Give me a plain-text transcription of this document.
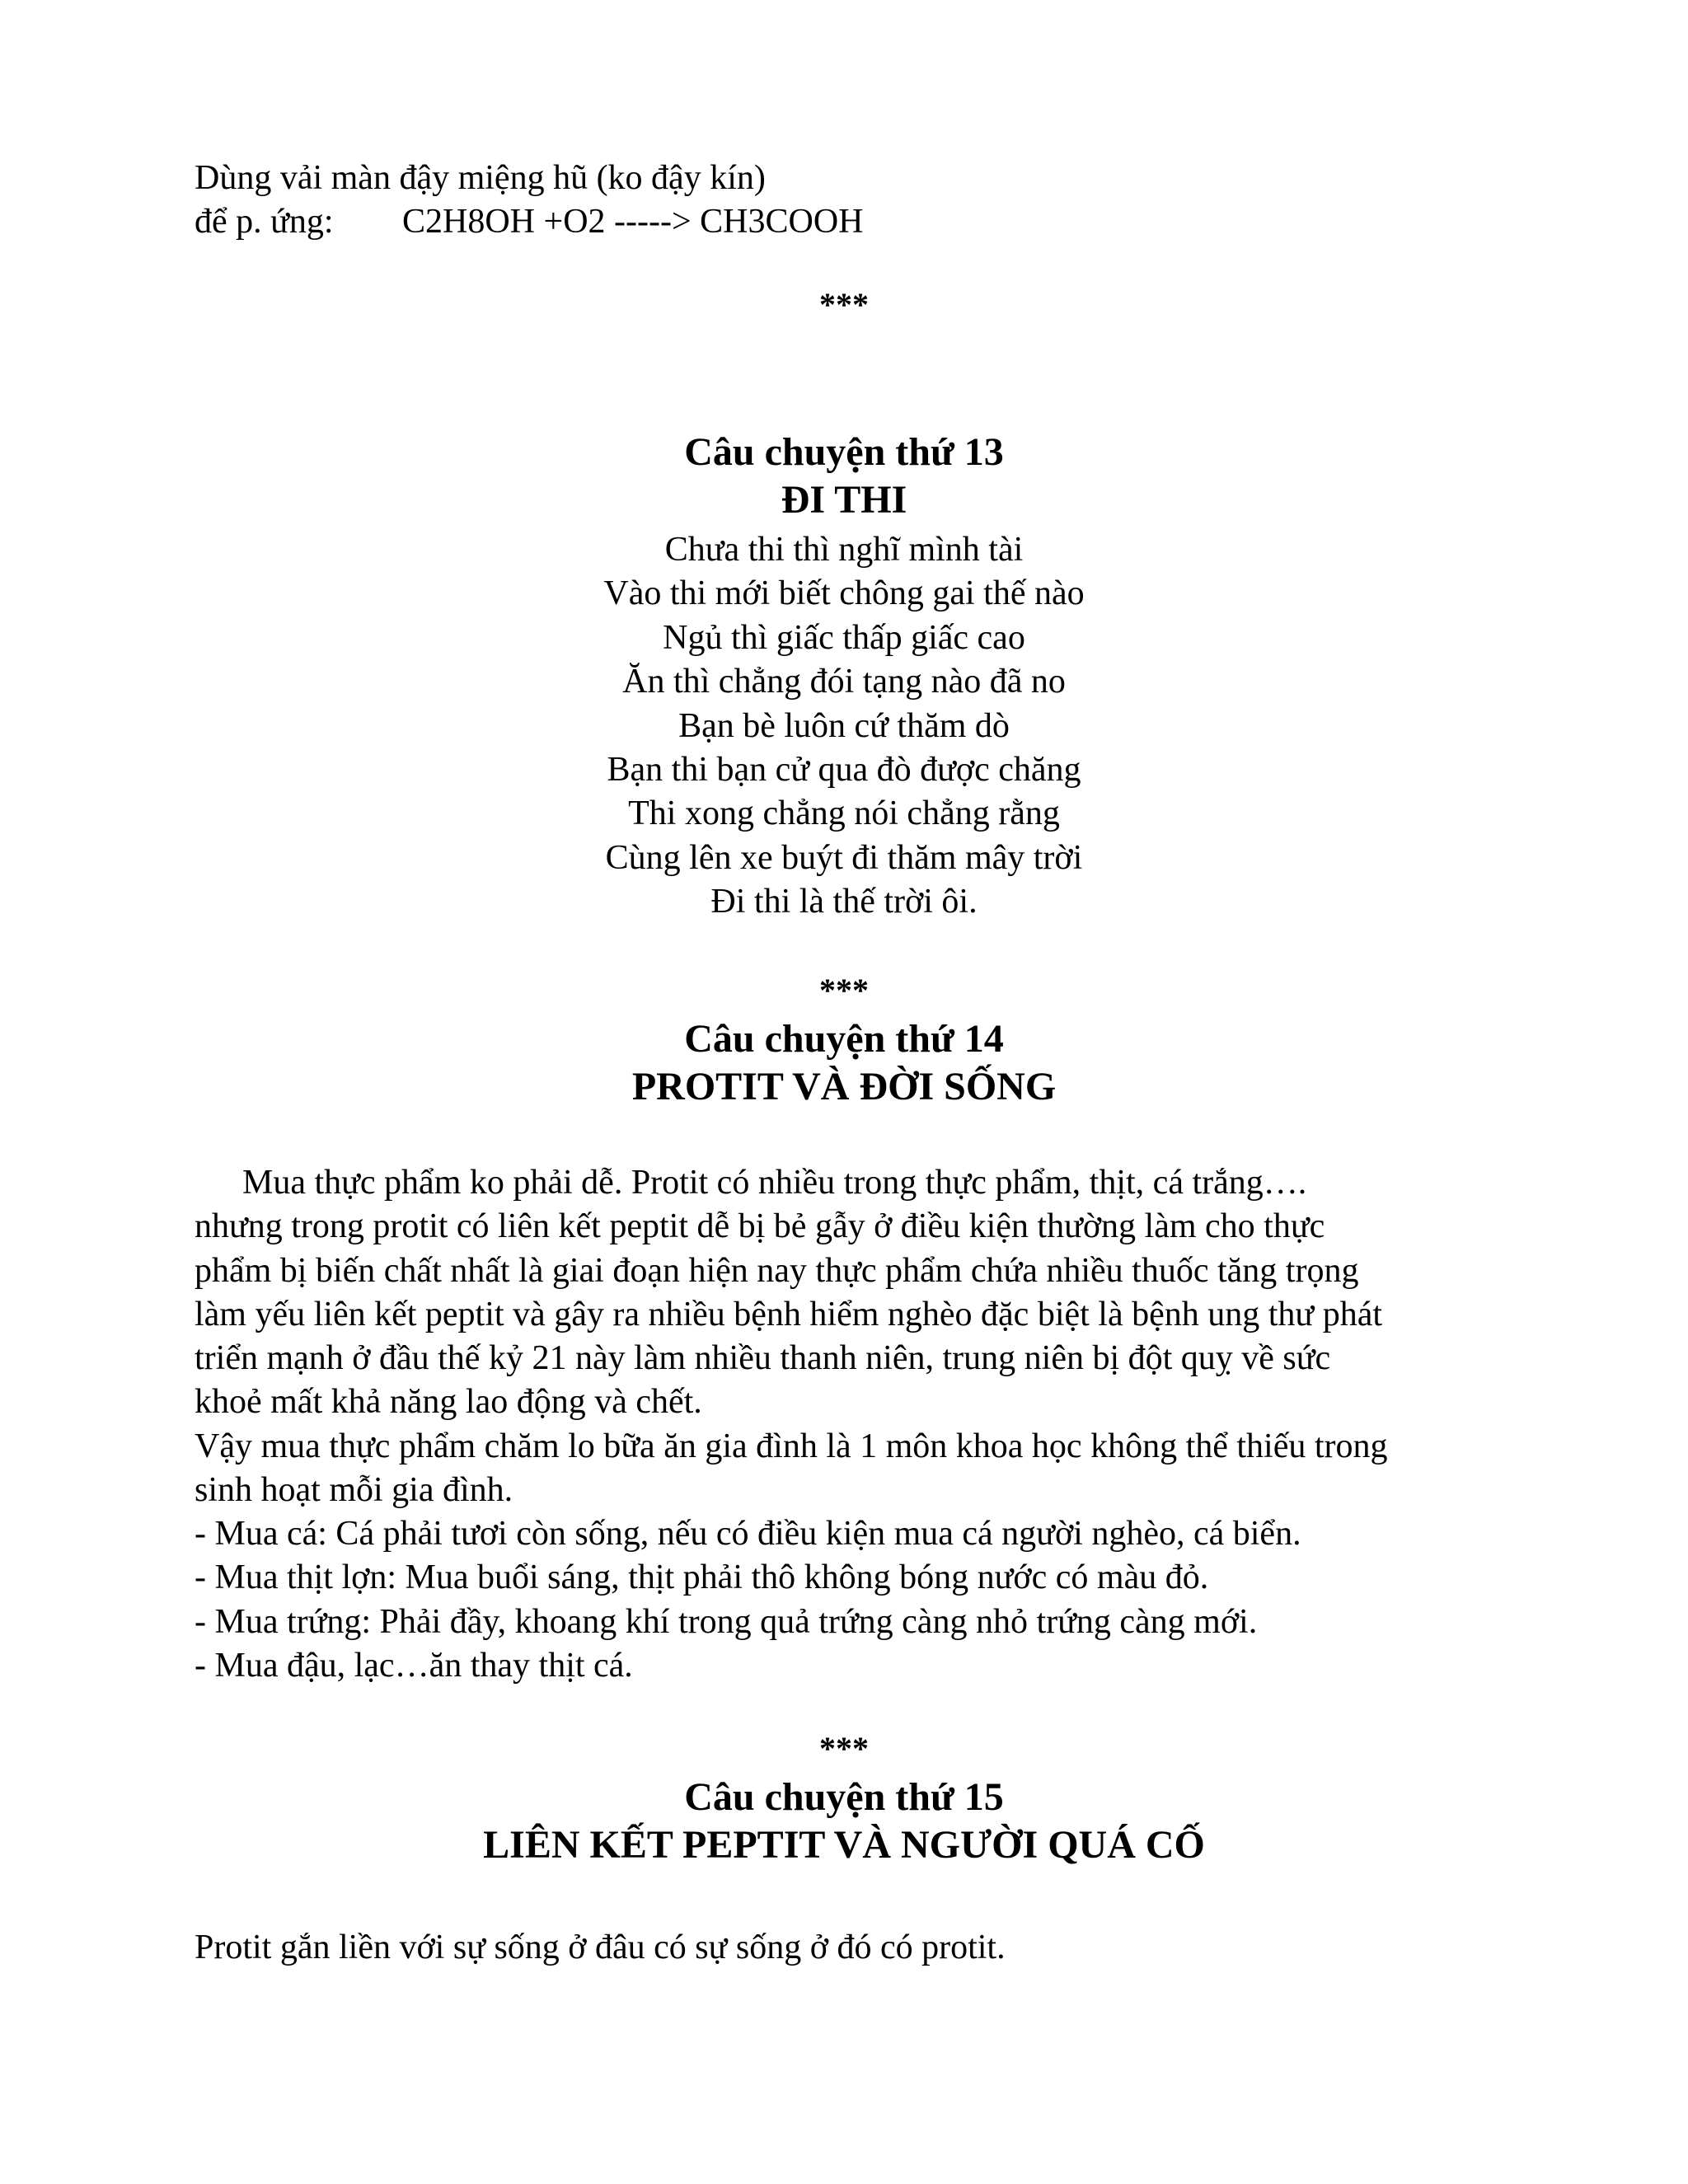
Dùng vải màn đậy miệng hũ (ko đậy kín)
để p. ứng: C2H8OH +O2 -----> CH3COOH
***
Câu chuyện thứ 13
ĐI THI
Chưa thi thì nghĩ mình tài
Vào thi mới biết chông gai thế nào
Ngủ thì giấc thấp giấc cao
Ăn thì chẳng đói tạng nào đã no
Bạn bè luôn cứ thăm dò
Bạn thi bạn cử qua đò được chăng
Thi xong chẳng nói chẳng rằng
Cùng lên xe buýt đi thăm mây trời
Đi thi là thế trời ôi.
***
Câu chuyện thứ 14
PROTIT VÀ ĐỜI SỐNG
Mua thực phẩm ko phải dễ. Protit có nhiều trong thực phẩm, thịt, cá trắng….
nhưng trong protit có liên kết peptit dễ bị bẻ gẫy ở điều kiện thường làm cho thực
phẩm bị biến chất nhất là giai đoạn hiện nay thực phẩm chứa nhiều thuốc tăng trọng
làm yếu liên kết peptit và gây ra nhiều bệnh hiểm nghèo đặc biệt là bệnh ung thư phát
triển mạnh ở đầu thế kỷ 21 này làm nhiều thanh niên, trung niên bị đột quỵ về sức
khoẻ mất khả năng lao động và chết.
Vậy mua thực phẩm chăm lo bữa ăn gia đình là 1 môn khoa học không thể thiếu trong
sinh hoạt mỗi gia đình.
- Mua cá: Cá phải tươi còn sống, nếu có điều kiện mua cá người nghèo, cá biển.
- Mua thịt lợn: Mua buổi sáng, thịt phải thô không bóng nước có màu đỏ.
- Mua trứng: Phải đầy, khoang khí trong quả trứng càng nhỏ trứng càng mới.
- Mua đậu, lạc…ăn thay thịt cá.
***
Câu chuyện thứ 15
LIÊN KẾT PEPTIT VÀ NGƯỜI QUÁ CỐ
Protit gắn liền với sự sống ở đâu có sự sống ở đó có protit.
